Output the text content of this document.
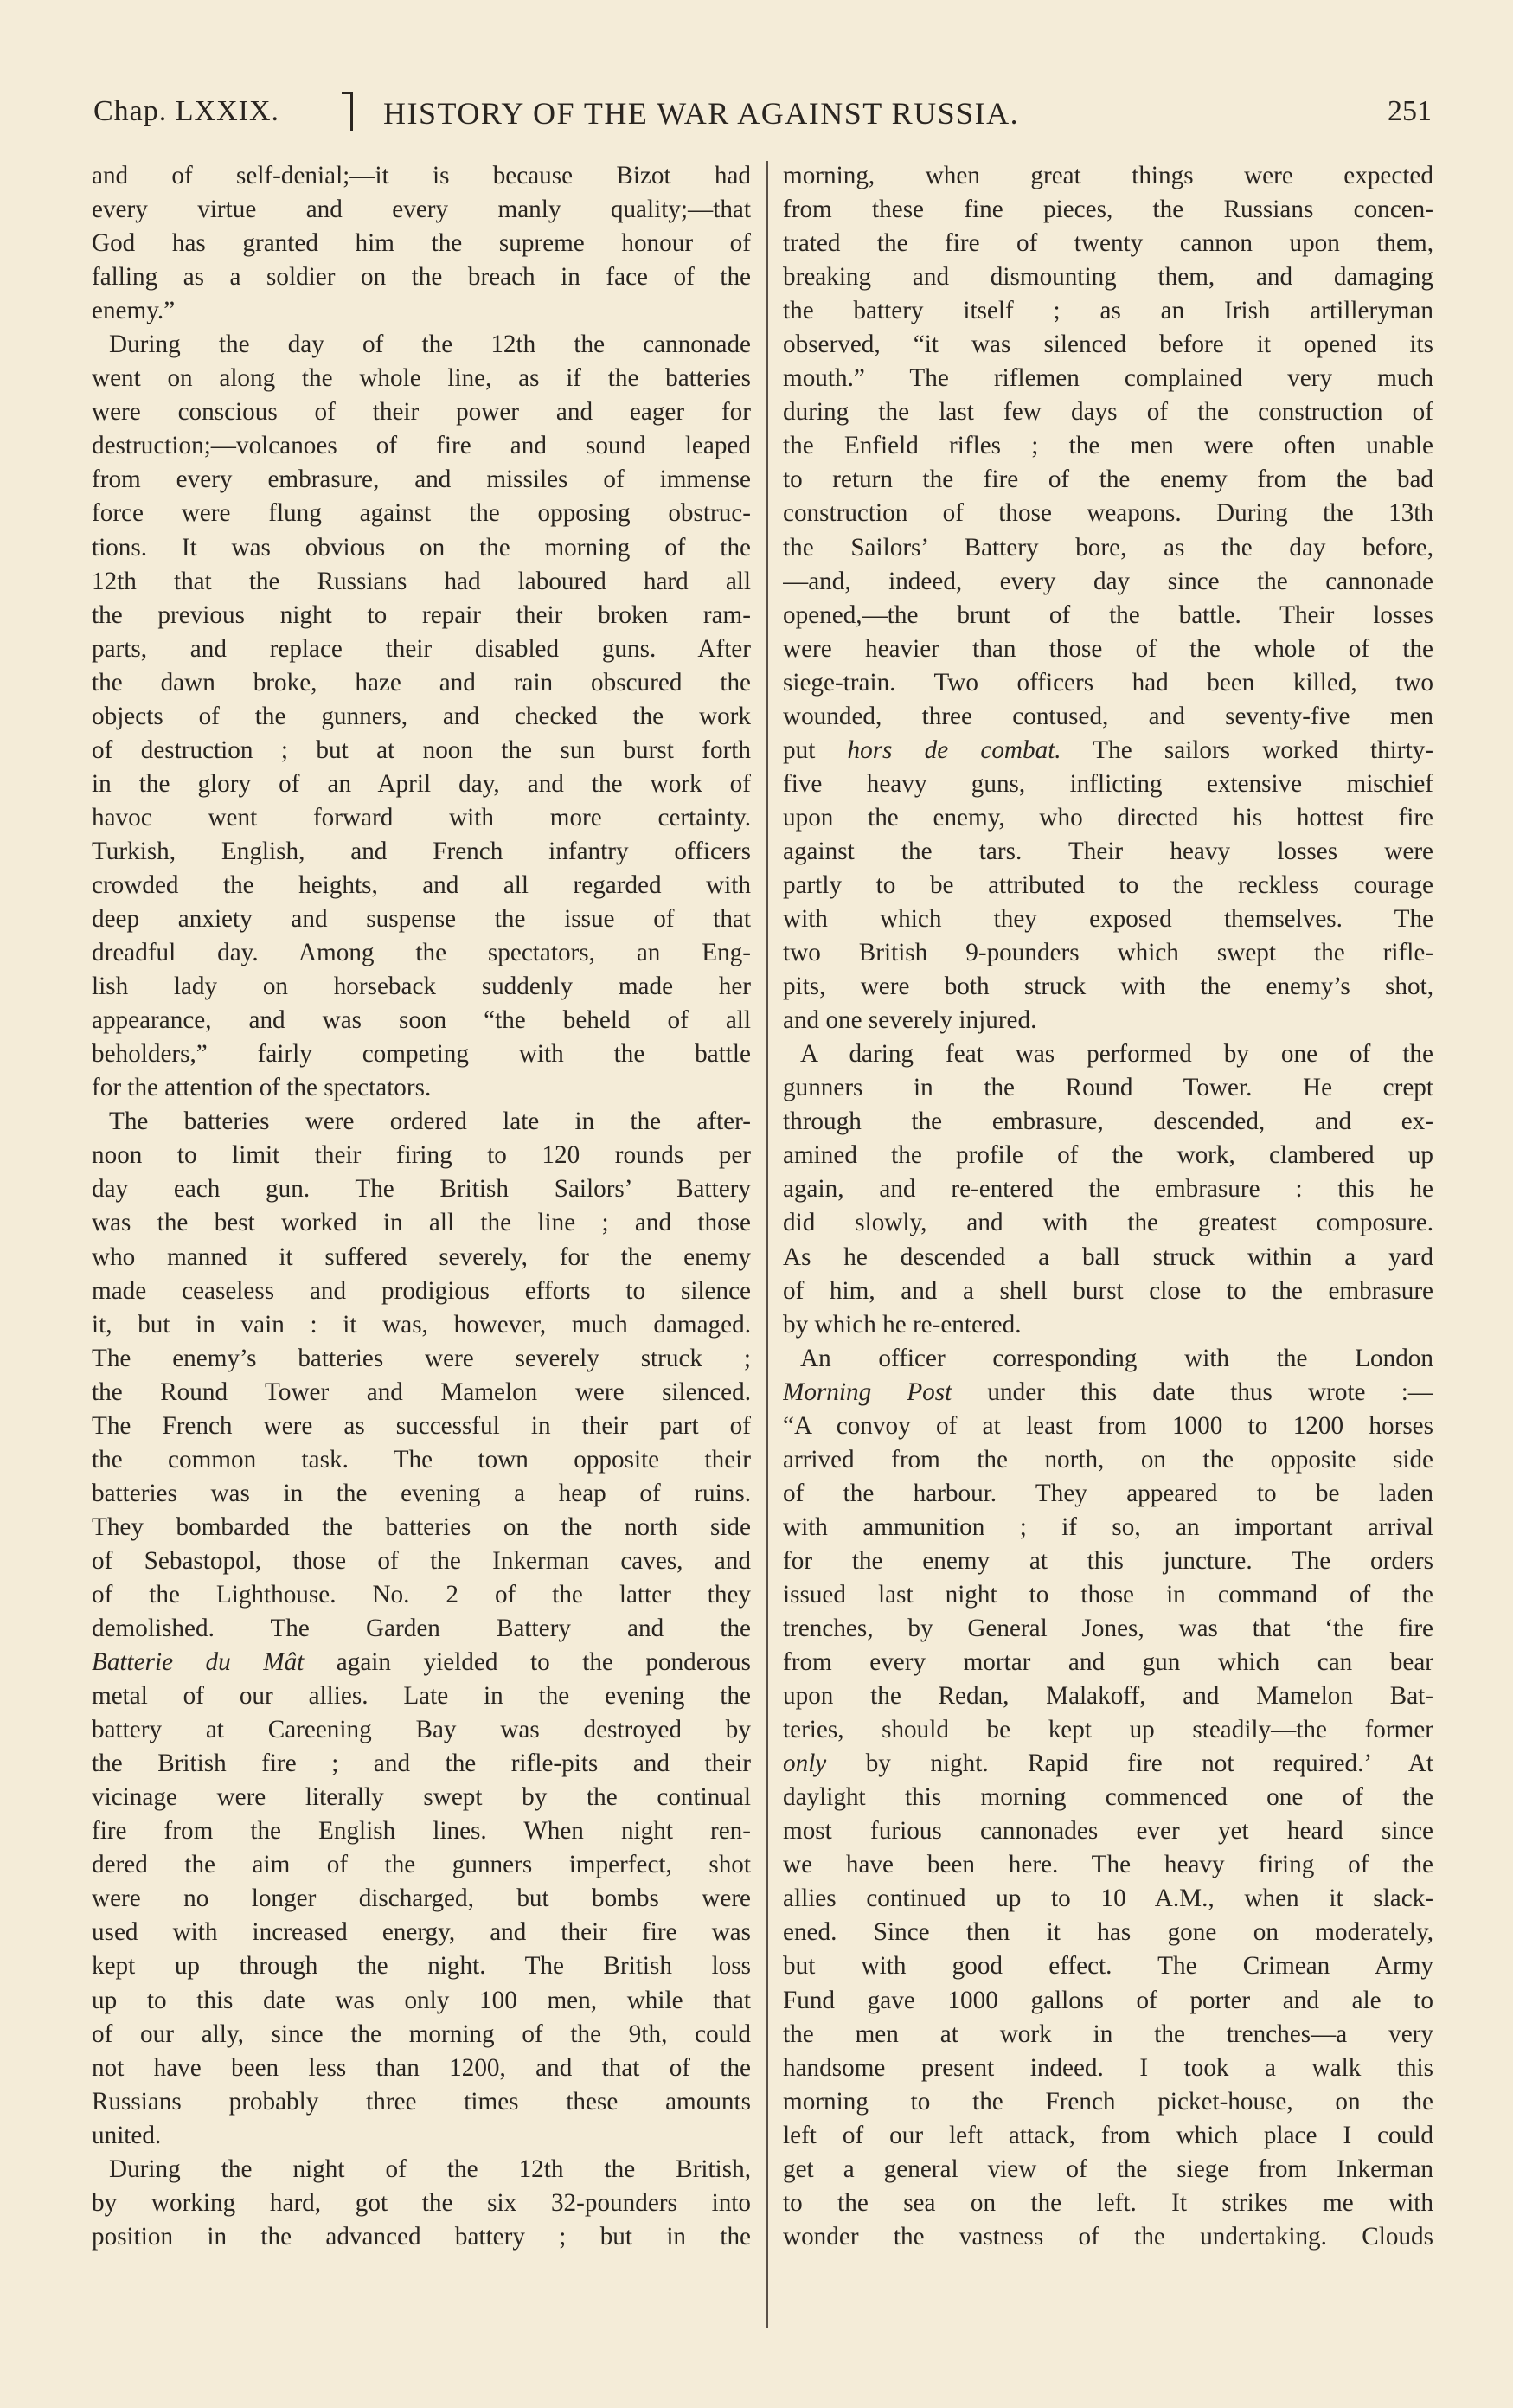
Chap. LXXIX.	HISTORY OF THE WAR AGAINST RUSSIA.	251
and of self-denial;—it is because Bizot had
every virtue and every manly quality;—that
God has granted him the supreme honour of
falling as a soldier on the breach in face of the
enemy.”
During the day of the 12th the cannonade
went on along the whole line, as if the batteries
were conscious of their power and eager for
destruction;—volcanoes of fire and sound leaped
from every embrasure, and missiles of immense
force were flung against the opposing obstruc-
tions. It was obvious on the morning of the
12th that the Russians had laboured hard all
the previous night to repair their broken ram-
parts, and replace their disabled guns. After
the dawn broke, haze and rain obscured the
objects of the gunners, and checked the work
of destruction ; but at noon the sun burst forth
in the glory of an April day, and the work of
havoc went forward with more certainty.
Turkish, English, and French infantry officers
crowded the heights, and all regarded with
deep anxiety and suspense the issue of that
dreadful day. Among the spectators, an Eng-
lish lady on horseback suddenly made her
appearance, and was soon “the beheld of all
beholders,” fairly competing with the battle
for the attention of the spectators.
The batteries were ordered late in the after-
noon to limit their firing to 120 rounds per
day each gun. The British Sailors’ Battery
was the best worked in all the line ; and those
who manned it suffered severely, for the enemy
made ceaseless and prodigious efforts to silence
it, but in vain : it was, however, much damaged.
The enemy’s batteries were severely struck ;
the Round Tower and Mamelon were silenced.
The French were as successful in their part of
the common task. The town opposite their
batteries was in the evening a heap of ruins.
They bombarded the batteries on the north side
of Sebastopol, those of the Inkerman caves, and
of the Lighthouse. No. 2 of the latter they
demolished. The Garden Battery and the
Batterie du Mât again yielded to the ponderous
metal of our allies. Late in the evening the
battery at Careening Bay was destroyed by
the British fire ; and the rifle-pits and their
vicinage were literally swept by the continual
fire from the English lines. When night ren-
dered the aim of the gunners imperfect, shot
were no longer discharged, but bombs were
used with increased energy, and their fire was
kept up through the night. The British loss
up to this date was only 100 men, while that
of our ally, since the morning of the 9th, could
not have been less than 1200, and that of the
Russians probably three times these amounts
united.
During the night of the 12th the British,
by working hard, got the six 32-pounders into
position in the advanced battery ; but in the
morning, when great things were expected
from these fine pieces, the Russians concen-
trated the fire of twenty cannon upon them,
breaking and dismounting them, and damaging
the battery itself ; as an Irish artilleryman
observed, “it was silenced before it opened its
mouth.” The riflemen complained very much
during the last few days of the construction of
the Enfield rifles ; the men were often unable
to return the fire of the enemy from the bad
construction of those weapons. During the 13th
the Sailors’ Battery bore, as the day before,
—and, indeed, every day since the cannonade
opened,—the brunt of the battle. Their losses
were heavier than those of the whole of the
siege-train. Two officers had been killed, two
wounded, three contused, and seventy-five men
put hors de combat. The sailors worked thirty-
five heavy guns, inflicting extensive mischief
upon the enemy, who directed his hottest fire
against the tars. Their heavy losses were
partly to be attributed to the reckless courage
with which they exposed themselves. The
two British 9-pounders which swept the rifle-
pits, were both struck with the enemy’s shot,
and one severely injured.
A daring feat was performed by one of the
gunners in the Round Tower. He crept
through the embrasure, descended, and ex-
amined the profile of the work, clambered up
again, and re-entered the embrasure : this he
did slowly, and with the greatest composure.
As he descended a ball struck within a yard
of him, and a shell burst close to the embrasure
by which he re-entered.
An officer corresponding with the London
Morning Post under this date thus wrote :—
“A convoy of at least from 1000 to 1200 horses
arrived from the north, on the opposite side
of the harbour. They appeared to be laden
with ammunition ; if so, an important arrival
for the enemy at this juncture. The orders
issued last night to those in command of the
trenches, by General Jones, was that ‘the fire
from every mortar and gun which can bear
upon the Redan, Malakoff, and Mamelon Bat-
teries, should be kept up steadily—the former
only by night. Rapid fire not required.’ At
daylight this morning commenced one of the
most furious cannonades ever yet heard since
we have been here. The heavy firing of the
allies continued up to 10 A.M., when it slack-
ened. Since then it has gone on moderately,
but with good effect. The Crimean Army
Fund gave 1000 gallons of porter and ale to
the men at work in the trenches—a very
handsome present indeed. I took a walk this
morning to the French picket-house, on the
left of our left attack, from which place I could
get a general view of the siege from Inkerman
to the sea on the left. It strikes me with
wonder the vastness of the undertaking. Clouds
